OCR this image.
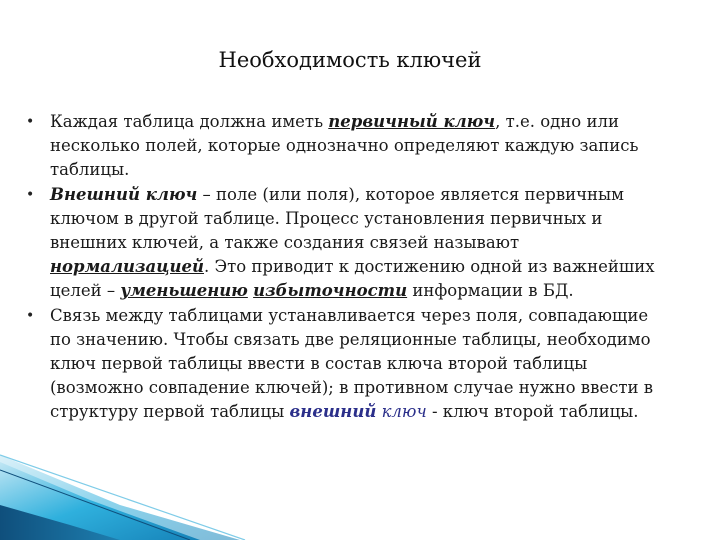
Необходимость ключей
• Каждая таблица должна иметь первичный ключ, т.е. одно или несколько полей, которые однозначно определяют каждую запись таблицы.
• Внешний ключ – поле (или поля), которое является первичным ключом в другой таблице. Процесс установления первичных и внешних ключей, а также создания связей называют нормализацией. Это приводит к достижению одной из важнейших целей – уменьшению избыточности информации в БД.
• Связь между таблицами устанавливается через поля, совпадающие по значению. Чтобы связать две реляционные таблицы, необходимо ключ первой таблицы ввести в состав ключа второй таблицы (возможно совпадение ключей); в противном случае нужно ввести в структуру первой таблицы внешний ключ - ключ второй таблицы.
